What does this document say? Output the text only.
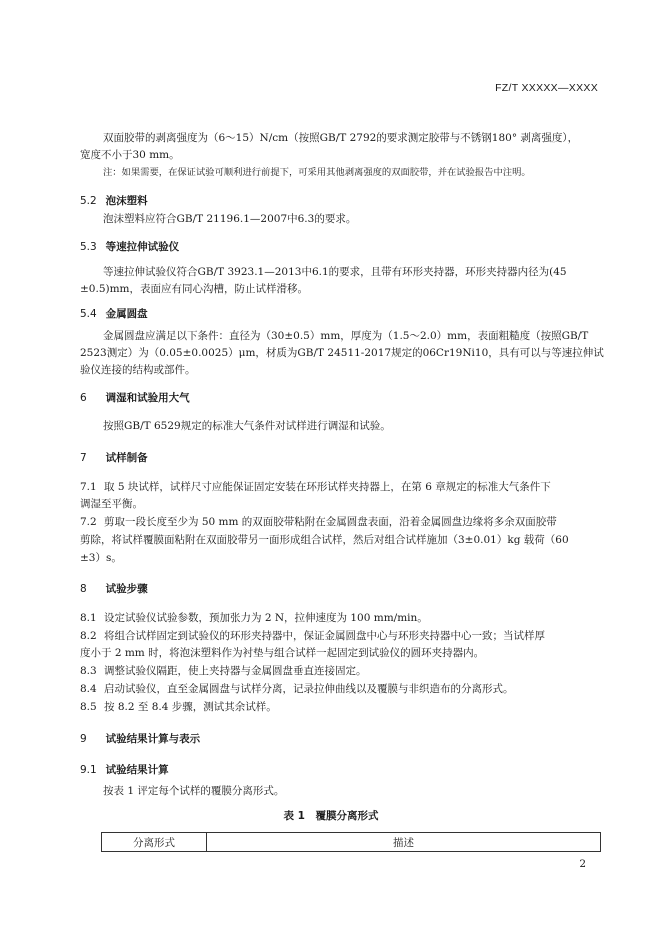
FZ/T XXXXX—XXXX
双面胶带的剥离强度为（6～15）N/cm（按照GB/T 2792的要求测定胶带与不锈钢180° 剥离强度），
宽度不小于30 mm。
注：如果需要，在保证试验可顺利进行前提下，可采用其他剥离强度的双面胶带，并在试验报告中注明。
5.2 泡沫塑料
泡沫塑料应符合GB/T 21196.1—2007中6.3的要求。
5.3 等速拉伸试验仪
等速拉伸试验仪符合GB/T 3923.1—2013中6.1的要求，且带有环形夹持器，环形夹持器内径为(45
±0.5)mm，表面应有同心沟槽，防止试样滑移。
5.4 金属圆盘
金属圆盘应满足以下条件：直径为（30±0.5）mm，厚度为（1.5～2.0）mm，表面粗糙度（按照GB/T
2523测定）为（0.05±0.0025）μm，材质为GB/T 24511-2017规定的06Cr19Ni10，具有可以与等速拉伸试
验仪连接的结构或部件。
6 调湿和试验用大气
按照GB/T 6529规定的标准大气条件对试样进行调湿和试验。
7 试样制备
7.1 取 5 块试样，试样尺寸应能保证固定安装在环形试样夹持器上，在第 6 章规定的标准大气条件下
调湿至平衡。
7.2 剪取一段长度至少为 50 mm 的双面胶带粘附在金属圆盘表面，沿着金属圆盘边缘将多余双面胶带
剪除，将试样覆膜面粘附在双面胶带另一面形成组合试样，然后对组合试样施加（3±0.01）kg 载荷（60
±3）s。
8 试验步骤
8.1 设定试验仪试验参数，预加张力为 2 N，拉伸速度为 100 mm/min。
8.2 将组合试样固定到试验仪的环形夹持器中，保证金属圆盘中心与环形夹持器中心一致；当试样厚
度小于 2 mm 时，将泡沫塑料作为衬垫与组合试样一起固定到试验仪的圆环夹持器内。
8.3 调整试验仪隔距，使上夹持器与金属圆盘垂直连接固定。
8.4 启动试验仪，直至金属圆盘与试样分离，记录拉伸曲线以及覆膜与非织造布的分离形式。
8.5 按 8.2 至 8.4 步骤，测试其余试样。
9 试验结果计算与表示
9.1 试验结果计算
按表 1 评定每个试样的覆膜分离形式。
表 1　覆膜分离形式
分离形式	描述
2
